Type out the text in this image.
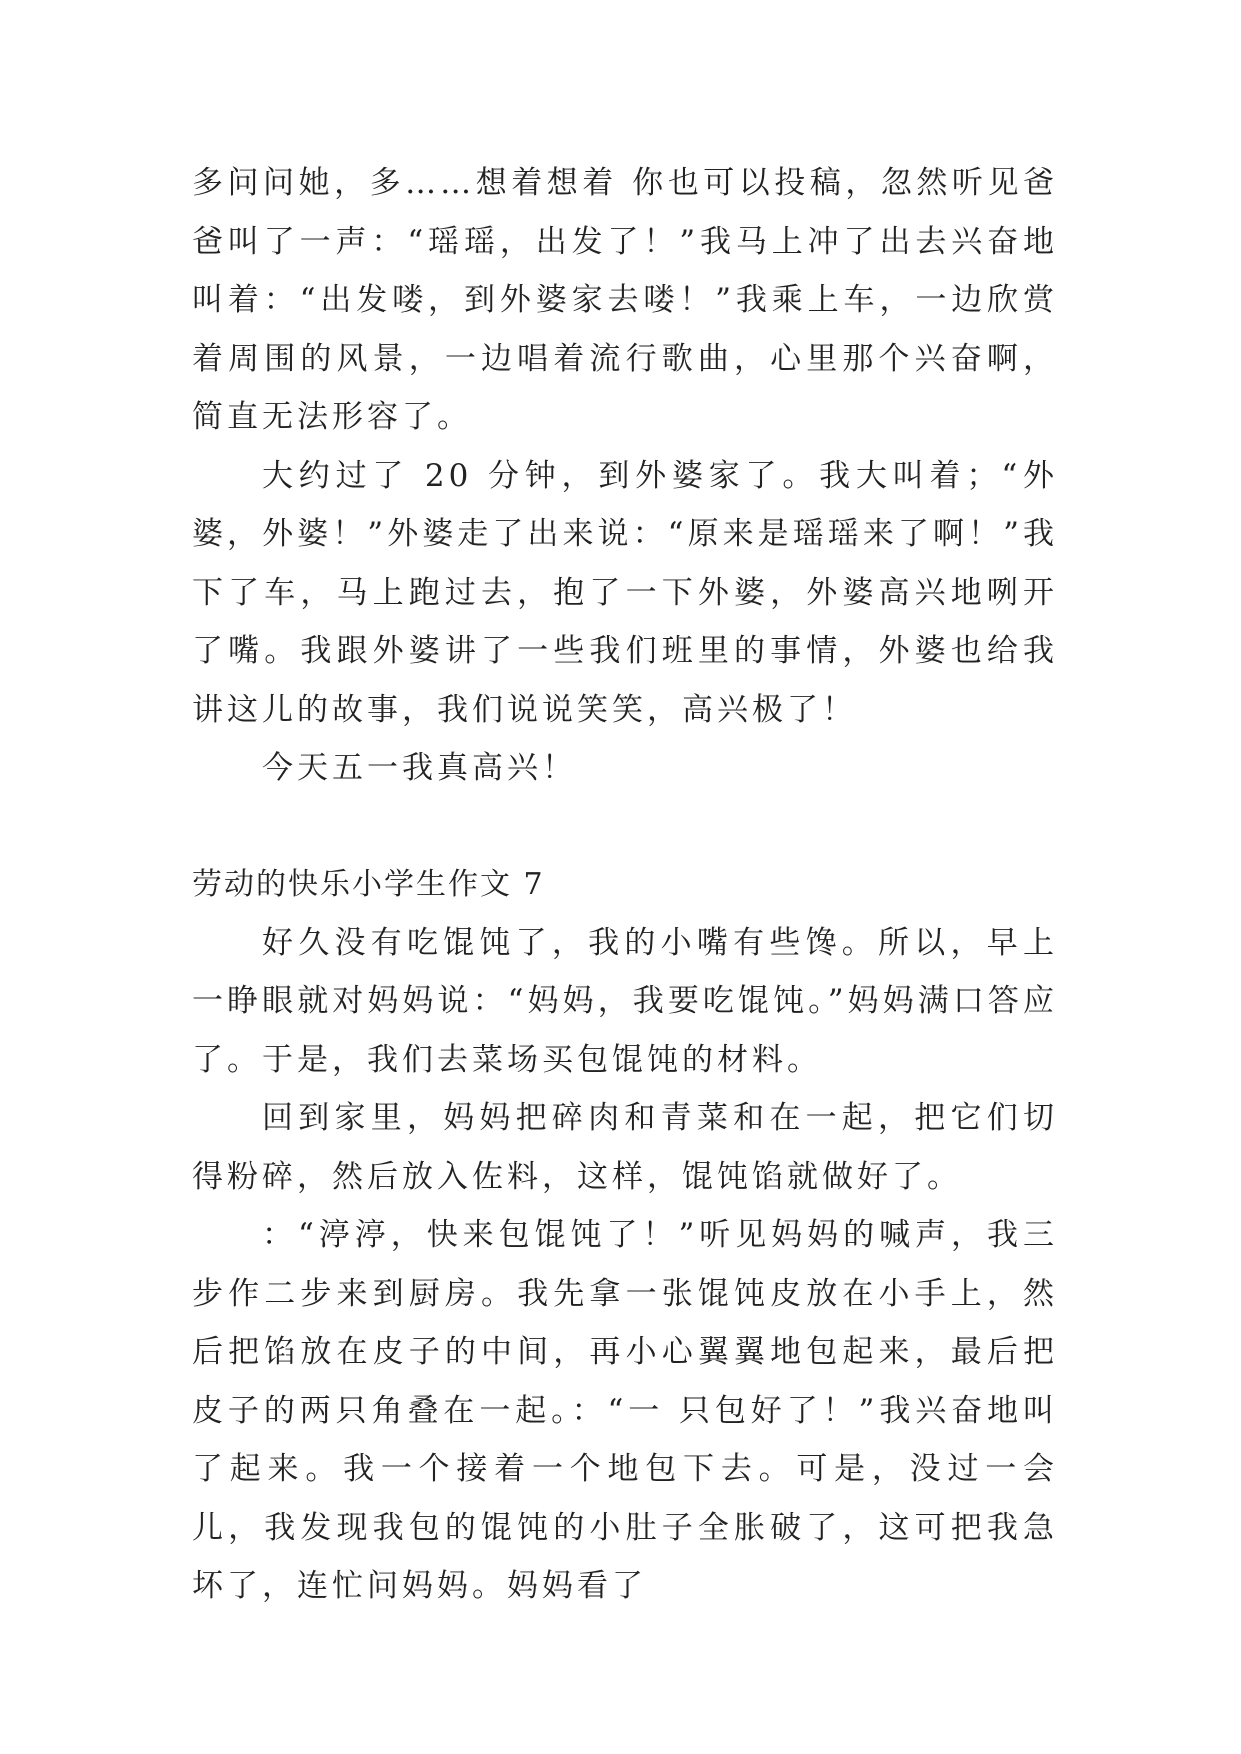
多问问她，多……想着想着 你也可以投稿，忽然听见爸爸叫了一声：“瑶瑶，出发了！”我马上冲了出去兴奋地叫着：“出发喽，到外婆家去喽！”我乘上车，一边欣赏着周围的风景，一边唱着流行歌曲，心里那个兴奋啊，简直无法形容了。

大约过了 20 分钟，到外婆家了。我大叫着；“外婆，外婆！”外婆走了出来说：“原来是瑶瑶来了啊！”我下了车，马上跑过去，抱了一下外婆，外婆高兴地咧开了嘴。我跟外婆讲了一些我们班里的事情，外婆也给我讲这儿的故事，我们说说笑笑，高兴极了！

今天五一我真高兴！

劳动的快乐小学生作文 7

好久没有吃馄饨了，我的小嘴有些馋。所以，早上一睁眼就对妈妈说：“妈妈，我要吃馄饨。”妈妈满口答应了。于是，我们去菜场买包馄饨的材料。

回到家里，妈妈把碎肉和青菜和在一起，把它们切得粉碎，然后放入佐料，这样，馄饨馅就做好了。

：“渟渟，快来包馄饨了！”听见妈妈的喊声，我三步作二步来到厨房。我先拿一张馄饨皮放在小手上，然后把馅放在皮子的中间，再小心翼翼地包起来，最后把皮子的两只角叠在一起。：“一 只包好了！”我兴奋地叫了起来。我一个接着一个地包下去。可是，没过一会儿，我发现我包的馄饨的小肚子全胀破了，这可把我急坏了，连忙问妈妈。妈妈看了
